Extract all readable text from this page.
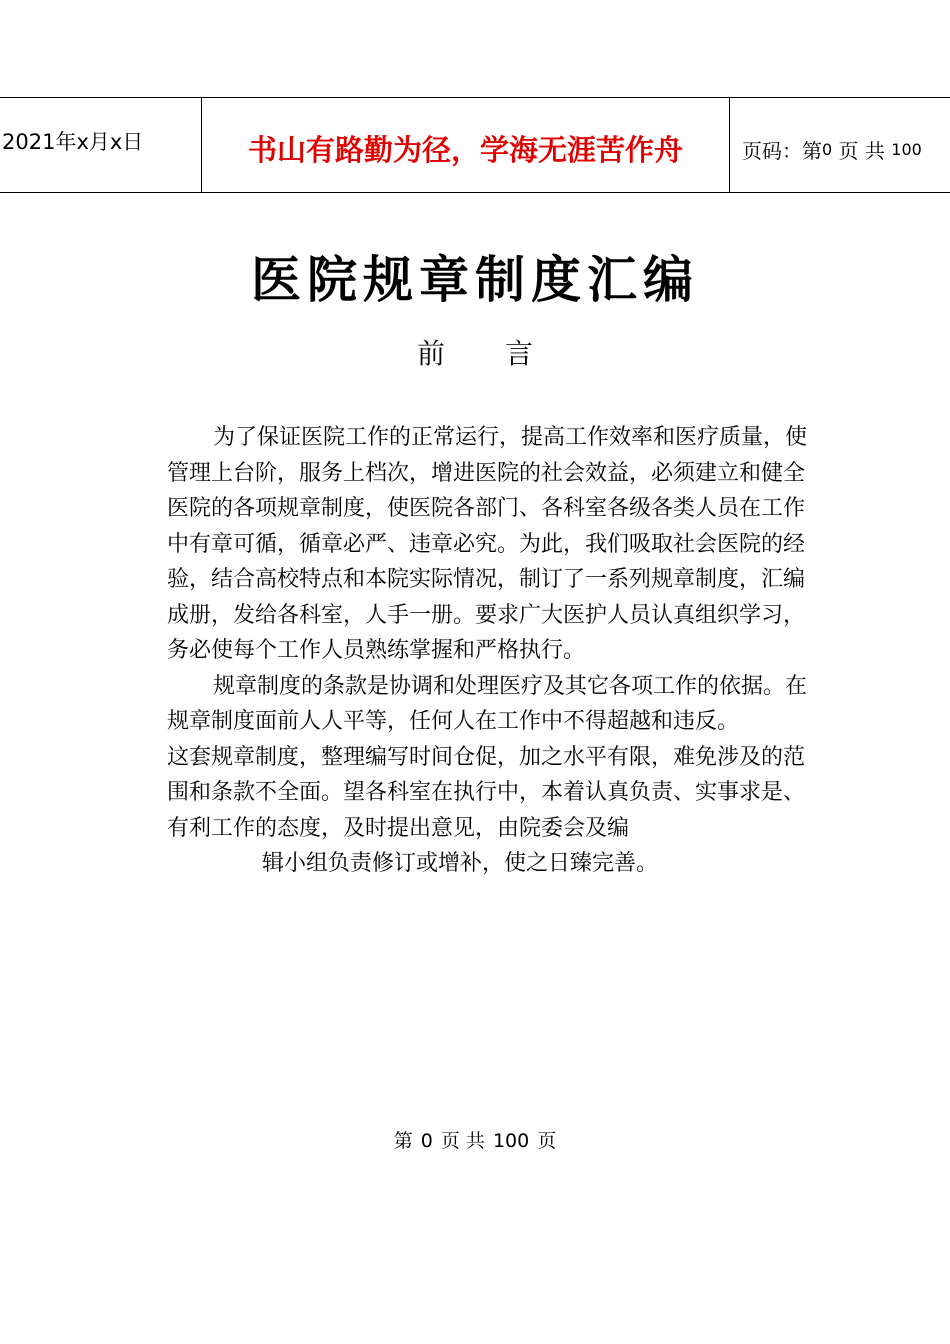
2021年x月x日	书山有路勤为径，学海无涯苦作舟	页码：第 0
页 共
100
医院规章制度汇编
前 言

为了保证医院工作的正常运行，提高工作效率和医疗质量，使管理上台阶，服务上档次，增进医院的社会效益，必须建立和健全医院的各项规章制度，使医院各部门、各科室各级各类人员在工作中有章可循，循章必严、违章必究。为此，我们吸取社会医院的经验，结合高校特点和本院实际情况，制订了一系列规章制度，汇编成册，发给各科室，人手一册。要求广大医护人员认真组织学习，务必使每个工作人员熟练掌握和严格执行。

规章制度的条款是协调和处理医疗及其它各项工作的依据。在规章制度面前人人平等，任何人在工作中不得超越和违反。

这套规章制度，整理编写时间仓促，加之水平有限，难免涉及的范围和条款不全面。望各科室在执行中，本着认真负责、实事求是、有利工作的态度，及时提出意见，由院委会及编

辑小组负责修订或增补，使之日臻完善。

第 0 页 共 100 页
